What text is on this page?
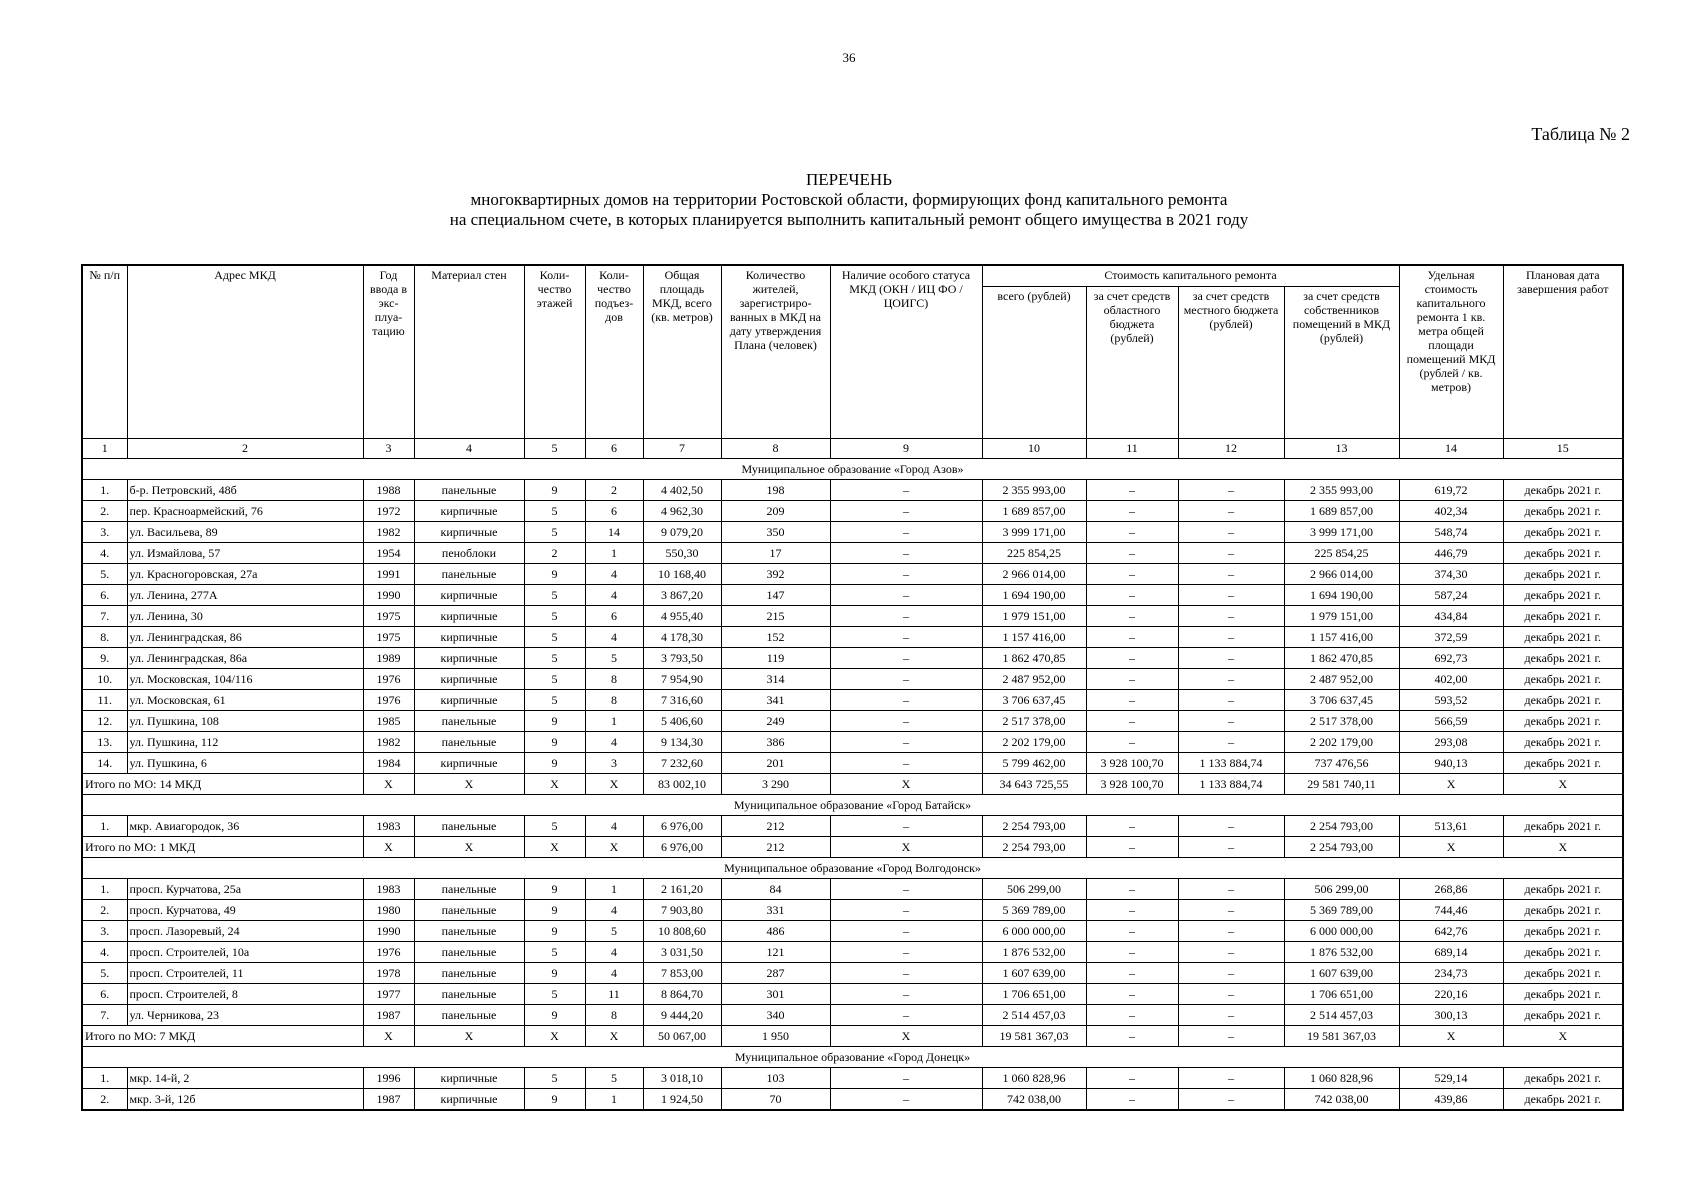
36
Таблица № 2
ПЕРЕЧЕНЬ
многоквартирных домов на территории Ростовской области, формирующих фонд капитального ремонта
на специальном счете, в которых планируется выполнить капитальный ремонт общего имущества в 2021 году
№ п/п	Адрес МКД	Год ввода в экс-плуа-тацию	Материал стен	Коли-чество этажей	Коли-чество подъез-дов	Общая площадь МКД, всего (кв. метров)	Количество жителей, зарегистриро-ванных в МКД на дату утверждения Плана (человек)	Наличие особого статуса МКД (ОКН / ИЦ ФО / ЦОИГС)	Стоимость капитального ремонта				Удельная стоимость капитального ремонта 1 кв. метра общей площади помещений МКД (рублей / кв. метров)	Плановая дата завершения работ
									всего (рублей)	за счет средств областного бюджета (рублей)	за счет средств местного бюджета (рублей)	за счет средств собственников помещений в МКД (рублей)		
1	2	3	4	5	6	7	8	9	10	11	12	13	14	15
Муниципальное образование «Город Азов»														
1.	б-р. Петровский, 48б	1988	панельные	9	2	4 402,50	198	–	2 355 993,00	–	–	2 355 993,00	619,72	декабрь 2021 г.
2.	пер. Красноармейский, 76	1972	кирпичные	5	6	4 962,30	209	–	1 689 857,00	–	–	1 689 857,00	402,34	декабрь 2021 г.
3.	ул. Васильева, 89	1982	кирпичные	5	14	9 079,20	350	–	3 999 171,00	–	–	3 999 171,00	548,74	декабрь 2021 г.
4.	ул. Измайлова, 57	1954	пеноблоки	2	1	550,30	17	–	225 854,25	–	–	225 854,25	446,79	декабрь 2021 г.
5.	ул. Красногоровская, 27а	1991	панельные	9	4	10 168,40	392	–	2 966 014,00	–	–	2 966 014,00	374,30	декабрь 2021 г.
6.	ул. Ленина, 277А	1990	кирпичные	5	4	3 867,20	147	–	1 694 190,00	–	–	1 694 190,00	587,24	декабрь 2021 г.
7.	ул. Ленина, 30	1975	кирпичные	5	6	4 955,40	215	–	1 979 151,00	–	–	1 979 151,00	434,84	декабрь 2021 г.
8.	ул. Ленинградская, 86	1975	кирпичные	5	4	4 178,30	152	–	1 157 416,00	–	–	1 157 416,00	372,59	декабрь 2021 г.
9.	ул. Ленинградская, 86а	1989	кирпичные	5	5	3 793,50	119	–	1 862 470,85	–	–	1 862 470,85	692,73	декабрь 2021 г.
10.	ул. Московская, 104/116	1976	кирпичные	5	8	7 954,90	314	–	2 487 952,00	–	–	2 487 952,00	402,00	декабрь 2021 г.
11.	ул. Московская, 61	1976	кирпичные	5	8	7 316,60	341	–	3 706 637,45	–	–	3 706 637,45	593,52	декабрь 2021 г.
12.	ул. Пушкина, 108	1985	панельные	9	1	5 406,60	249	–	2 517 378,00	–	–	2 517 378,00	566,59	декабрь 2021 г.
13.	ул. Пушкина, 112	1982	панельные	9	4	9 134,30	386	–	2 202 179,00	–	–	2 202 179,00	293,08	декабрь 2021 г.
14.	ул. Пушкина, 6	1984	кирпичные	9	3	7 232,60	201	–	5 799 462,00	3 928 100,70	1 133 884,74	737 476,56	940,13	декабрь 2021 г.
Итого по МО: 14 МКД		X	X	X	X	83 002,10	3 290	X	34 643 725,55	3 928 100,70	1 133 884,74	29 581 740,11	X	X
Муниципальное образование «Город Батайск»														
1.	мкр. Авиагородок, 36	1983	панельные	5	4	6 976,00	212	–	2 254 793,00	–	–	2 254 793,00	513,61	декабрь 2021 г.
Итого по МО: 1 МКД		X	X	X	X	6 976,00	212	X	2 254 793,00	–	–	2 254 793,00	X	X
Муниципальное образование «Город Волгодонск»														
1.	просп. Курчатова, 25а	1983	панельные	9	1	2 161,20	84	–	506 299,00	–	–	506 299,00	268,86	декабрь 2021 г.
2.	просп. Курчатова, 49	1980	панельные	9	4	7 903,80	331	–	5 369 789,00	–	–	5 369 789,00	744,46	декабрь 2021 г.
3.	просп. Лазоревый, 24	1990	панельные	9	5	10 808,60	486	–	6 000 000,00	–	–	6 000 000,00	642,76	декабрь 2021 г.
4.	просп. Строителей, 10а	1976	панельные	5	4	3 031,50	121	–	1 876 532,00	–	–	1 876 532,00	689,14	декабрь 2021 г.
5.	просп. Строителей, 11	1978	панельные	9	4	7 853,00	287	–	1 607 639,00	–	–	1 607 639,00	234,73	декабрь 2021 г.
6.	просп. Строителей, 8	1977	панельные	5	11	8 864,70	301	–	1 706 651,00	–	–	1 706 651,00	220,16	декабрь 2021 г.
7.	ул. Черникова, 23	1987	панельные	9	8	9 444,20	340	–	2 514 457,03	–	–	2 514 457,03	300,13	декабрь 2021 г.
Итого по МО: 7 МКД		X	X	X	X	50 067,00	1 950	X	19 581 367,03	–	–	19 581 367,03	X	X
Муниципальное образование «Город Донецк»														
1.	мкр. 14-й, 2	1996	кирпичные	5	5	3 018,10	103	–	1 060 828,96	–	–	1 060 828,96	529,14	декабрь 2021 г.
2.	мкр. 3-й, 12б	1987	кирпичные	9	1	1 924,50	70	–	742 038,00	–	–	742 038,00	439,86	декабрь 2021 г.
